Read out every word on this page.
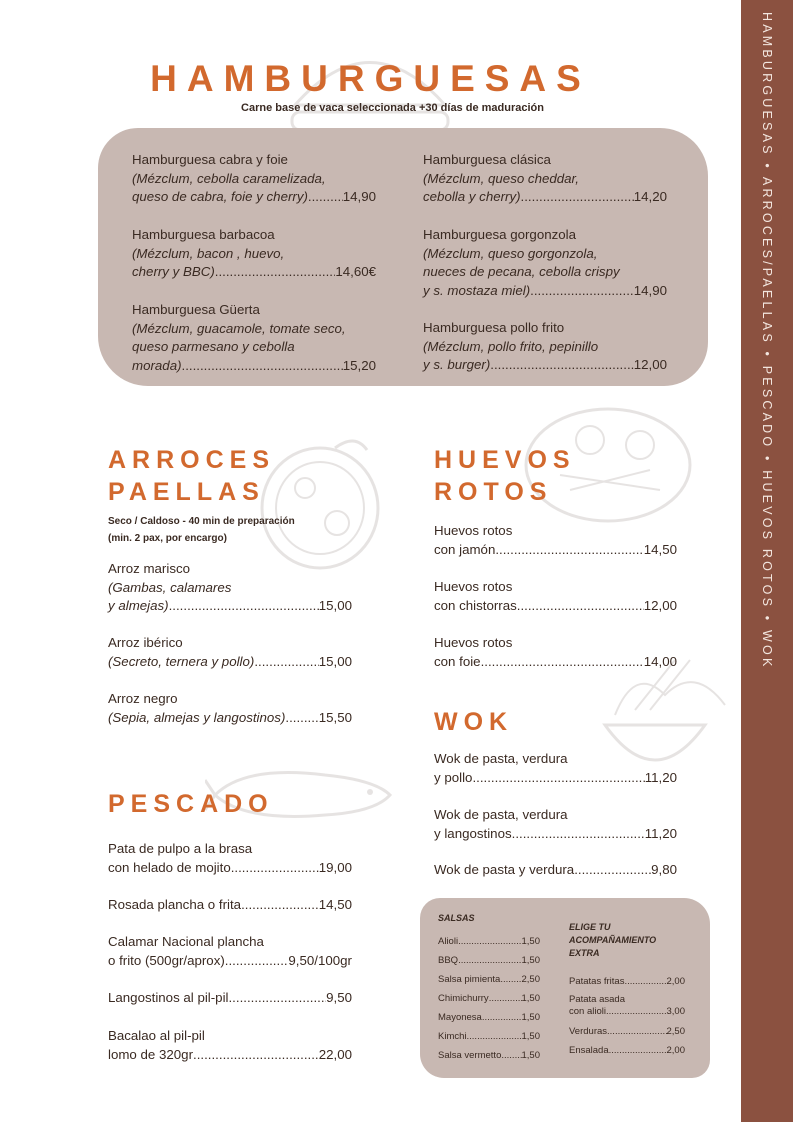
HAMBURGUESAS • ARROCES/PAELLAS • PESCADO • HUEVOS ROTOS • WOK
HAMBURGUESAS
Carne base de vaca seleccionada +30 días de maduración
Hamburguesa cabra y foie
(Mézclum, cebolla caramelizada,
queso de cabra, foie y cherry) .....	14,90
Hamburguesa barbacoa
(Mézclum, bacon , huevo,
cherry y BBC) .....	14,60€
Hamburguesa Güerta
(Mézclum, guacamole, tomate seco,
queso parmesano y cebolla
morada) .....	15,20
Hamburguesa clásica
(Mézclum, queso cheddar,
cebolla y cherry) .....	14,20
Hamburguesa gorgonzola
(Mézclum, queso gorgonzola,
nueces de pecana, cebolla crispy
y s. mostaza miel) .....	14,90
Hamburguesa pollo frito
(Mézclum, pollo frito, pepinillo
y s. burger) .....	12,00
ARROCES
PAELLAS
Seco / Caldoso - 40 min de preparación
(min. 2 pax, por encargo)
Arroz marisco
(Gambas, calamares
y almejas) .....	15,00
Arroz ibérico
(Secreto, ternera y pollo) .....	15,00
Arroz negro
(Sepia, almejas y langostinos) .....	15,50
PESCADO
Pata de pulpo a la brasa
con helado de mojito .....	19,00
Rosada plancha o frita .....	14,50
Calamar Nacional plancha
o frito (500gr/aprox) .....	9,50/100gr
Langostinos al pil-pil .....	9,50
Bacalao al pil-pil
lomo de 320gr .....	22,00
HUEVOS
ROTOS
Huevos rotos
con jamón .....	14,50
Huevos rotos
con chistorras .....	12,00
Huevos rotos
con foie .....	14,00
WOK
Wok de pasta, verdura
y pollo .....	11,20
Wok de pasta, verdura
y langostinos .....	11,20
Wok de pasta y verdura .....	9,80
SALSAS
Alioli .....	1,50
BBQ .....	1,50
Salsa pimienta ..... 2,50
Chimichurry .....	1,50
Mayonesa .....	1,50
Kimchi .....	1,50
Salsa vermetto ..... 1,50
ELIGE TU
ACOMPAÑAMIENTO
EXTRA
Patatas fritas .....	2,00
Patata asada
con alioli .....	3,00
Verduras .....	2,50
Ensalada .....	2,00
